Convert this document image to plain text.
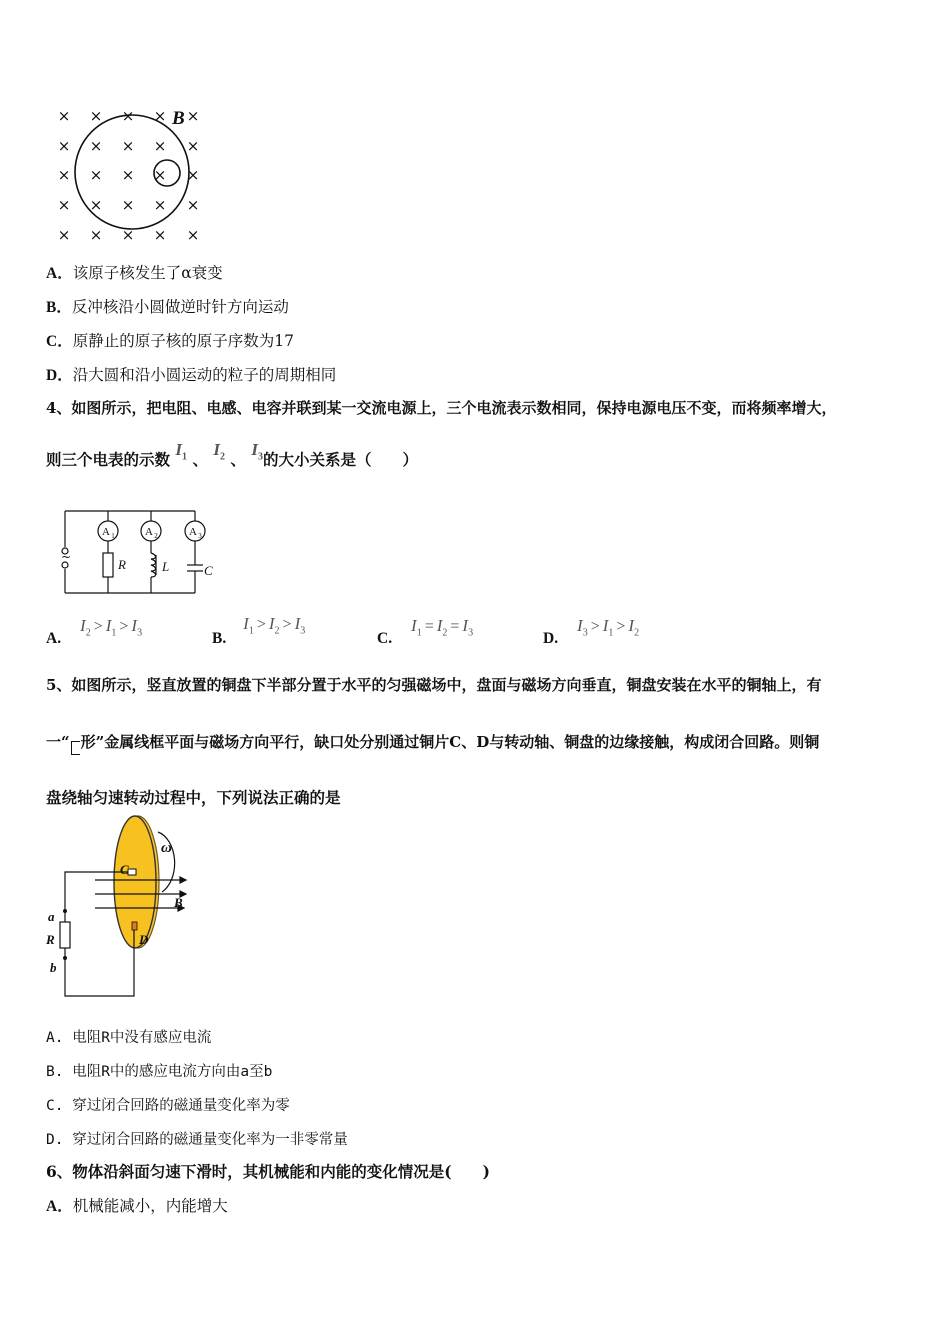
× × × × ×
× × × × ×
× × × × ×
× × × × ×
× × × × ×
B
A．该原子核发生了α衰变
B．反冲核沿小圆做逆时针方向运动
C．原静止的原子核的原子序数为17
D．沿大圆和沿小圆运动的粒子的周期相同
4、如图所示，把电阻、电感、电容并联到某一交流电源上，三个电流表示数相同，保持电源电压不变，而将频率增大，
则三个电表的示数 $I_1$ 、 $I_2$ 、 $I_3$的大小关系是（　　）
A 1	A 2	A 3
R	L	C
~
A. $I_2 > I_1 > I_3$	B. $I_1 > I_2 > I_3$	C. $I_1 = I_2 = I_3$	D. $I_3 > I_1 > I_2$
5、如图所示，竖直放置的铜盘下半部分置于水平的匀强磁场中，盘面与磁场方向垂直，铜盘安装在水平的铜轴上，有
一“ 形”金属线框平面与磁场方向平行，缺口处分别通过铜片C、D与转动轴、铜盘的边缘接触，构成闭合回路。则铜
盘绕轴匀速转动过程中，下列说法正确的是
C
D
B
a
R
b
ω
A. 电阻R中没有感应电流
B. 电阻R中的感应电流方向由a至b
C. 穿过闭合回路的磁通量变化率为零
D. 穿过闭合回路的磁通量变化率为一非零常量
6、物体沿斜面匀速下滑时，其机械能和内能的变化情况是(　　)
A．机械能减小，内能增大
